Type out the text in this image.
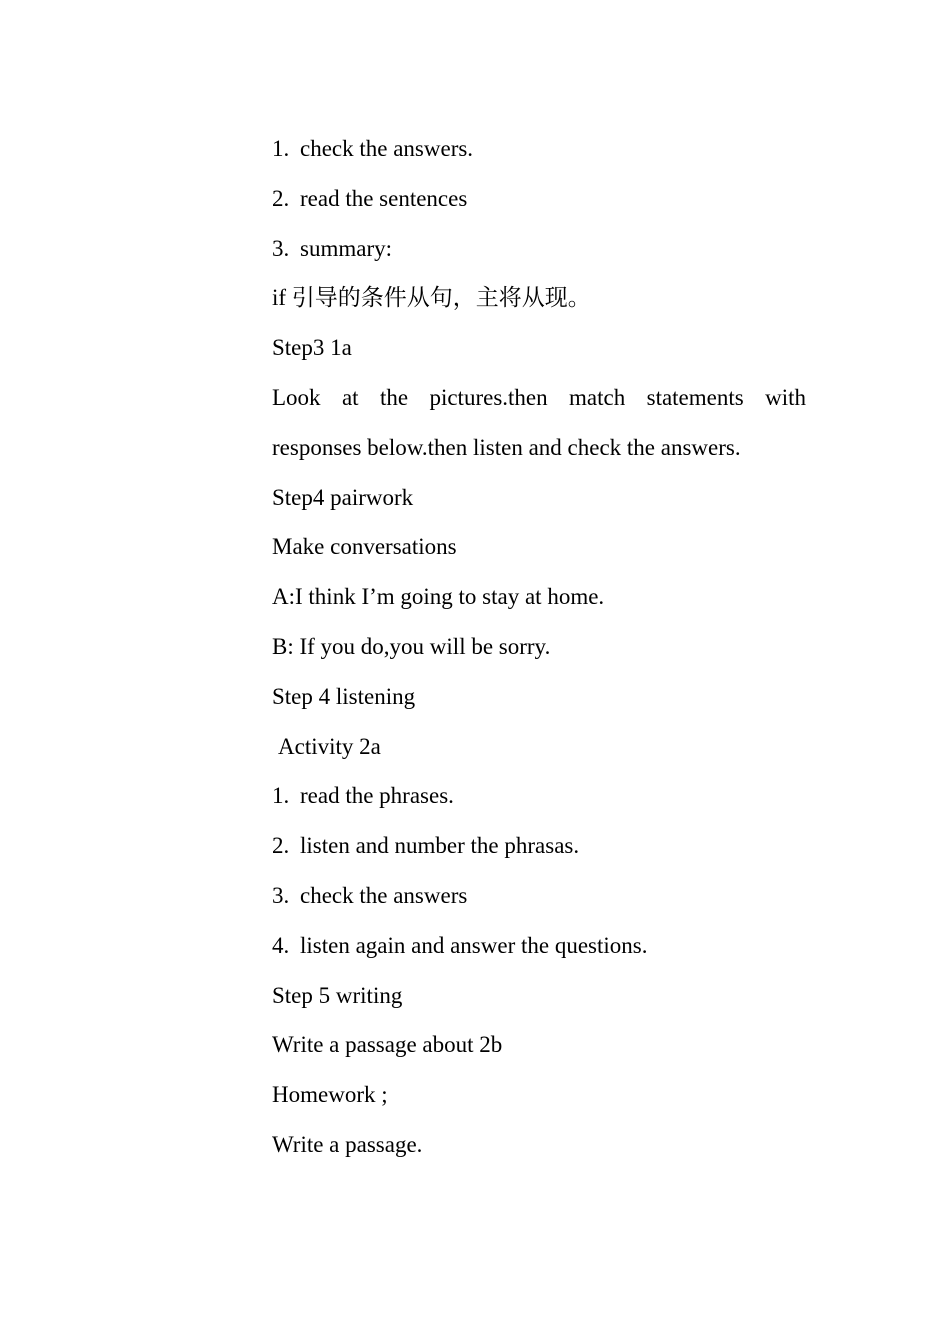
1. check the answers.
2. read the sentences
3. summary:
if 引导的条件从句，主将从现。
Step3 1a
Look at the pictures.then match statements with
responses below.then listen and check the answers.
Step4 pairwork
Make conversations
A:I think I’m going to stay at home.
B: If you do,you will be sorry.
Step 4 listening
Activity 2a
1. read the phrases.
2. listen and number the phrasas.
3. check the answers
4. listen again and answer the questions.
Step 5 writing
Write a passage about 2b
Homework ;
Write a passage.
